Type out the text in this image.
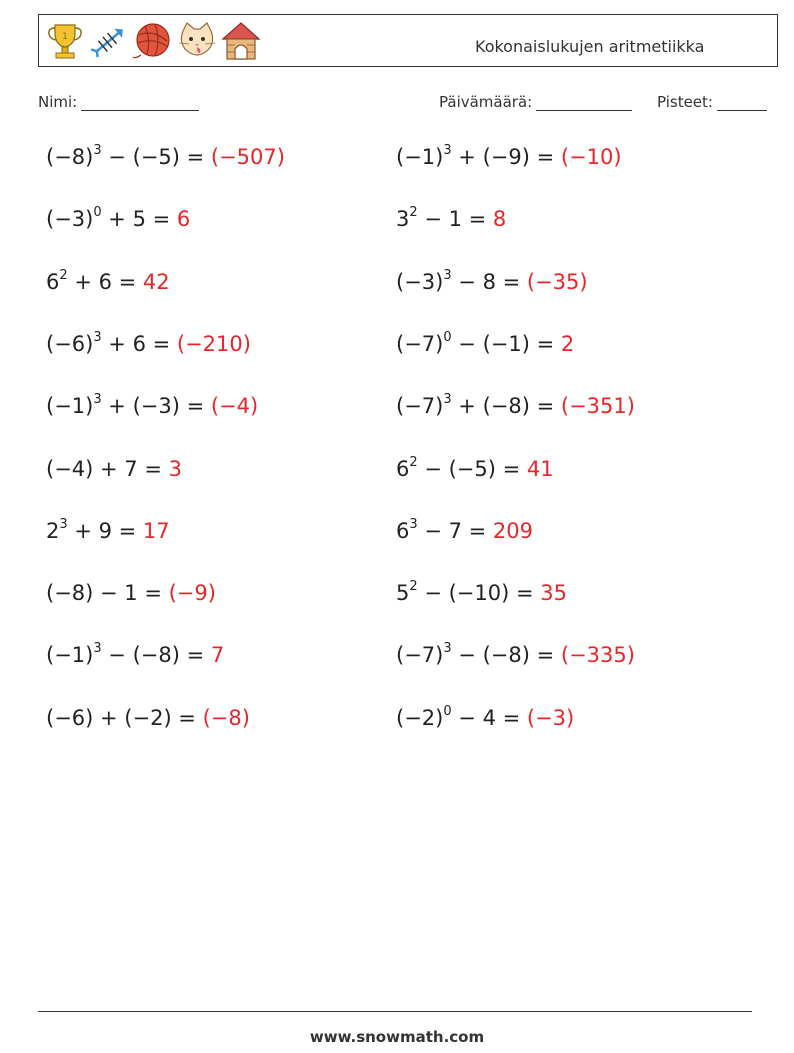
1	Kokonaislukujen aritmetiikka
Nimi:	Päivämäärä:	Pisteet:
$(-8)^3 - (-5) = (-507)$	$(-1)^3 + (-9) = (-10)$
$(-3)^0 + 5 = 6$	$3^2 - 1 = 8$
$6^2 + 6 = 42$	$(-3)^3 - 8 = (-35)$
$(-6)^3 + 6 = (-210)$	$(-7)^0 - (-1) = 2$
$(-1)^3 + (-3) = (-4)$	$(-7)^3 + (-8) = (-351)$
(−4) + 7 = 3	$6^2 - (-5) = 41$
$2^3 + 9 = 17$	$6^3 - 7 = 209$
(−8) − 1 = (−9)	$5^2 - (-10) = 35$
$(-1)^3 - (-8) = 7$	$(-7)^3 - (-8) = (-335)$
(−6) + (−2) = (−8)	$(-2)^0 - 4 = (-3)$
www.snowmath.com
